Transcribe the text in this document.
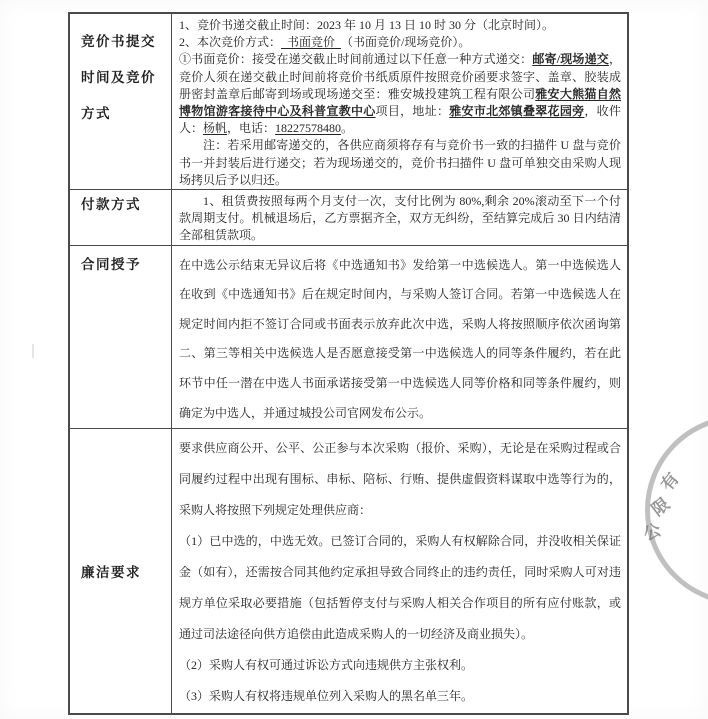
竞价书提交时间及竞价方式

1、竞价书递交截止时间：2023 年 10 月 13 日 10 时 30 分（北京时间）。

2、本次竞价方式：  书面竞价  （书面竞价/现场竞价）。

①书面竞价：接受在递交截止时间前通过以下任意一种方式递交：邮寄/现场递交，竞价人须在递交截止时间前将竞价书纸质原件按照竞价函要求签字、盖章、胶装成册密封盖章后邮寄到场或现场递交至：雅安城投建筑工程有限公司雅安大熊猫自然博物馆游客接待中心及科普宣教中心项目，地址：雅安市北郊镇叠翠花园旁，收件人：杨帆，电话：18227578480。

注：若采用邮寄递交的，各供应商须将存有与竞价书一致的扫描件 U 盘与竞价书一并封装后进行递交；若为现场递交的，竞价书扫描件 U 盘可单独交由采购人现场拷贝后予以归还。

付款方式	1、租赁费按照每两个月支付一次，支付比例为 80%,剩余 20%滚动至下一个付款周期支付。机械退场后，乙方票据齐全，双方无纠纷，至结算完成后 30 日内结清全部租赁款项。

合同授予	在中选公示结束无异议后将《中选通知书》发给第一中选候选人。第一中选候选人在收到《中选通知书》后在规定时间内，与采购人签订合同。若第一中选候选人在规定时间内拒不签订合同或书面表示放弃此次中选，采购人将按照顺序依次函询第二、第三等相关中选候选人是否愿意接受第一中选候选人的同等条件履约，若在此环节中任一潜在中选人书面承诺接受第一中选候选人同等价格和同等条件履约，则确定为中选人，并通过城投公司官网发布公示。

廉洁要求

要求供应商公开、公平、公正参与本次采购（报价、采购），无论是在采购过程或合同履约过程中出现有围标、串标、陪标、行贿、提供虚假资料谋取中选等行为的，采购人将按照下列规定处理供应商：

（1）已中选的，中选无效。已签订合同的，采购人有权解除合同，并没收相关保证金（如有），还需按合同其他约定承担导致合同终止的违约责任，同时采购人可对违规方单位采取必要措施（包括暂停支付与采购人相关合作项目的所有应付账款，或通过司法途径向供方追偿由此造成采购人的一切经济及商业损失）。

（2）采购人有权可通过诉讼方式向违规供方主张权利。

（3）采购人有权将违规单位列入采购人的黑名单三年。

有
限
公
